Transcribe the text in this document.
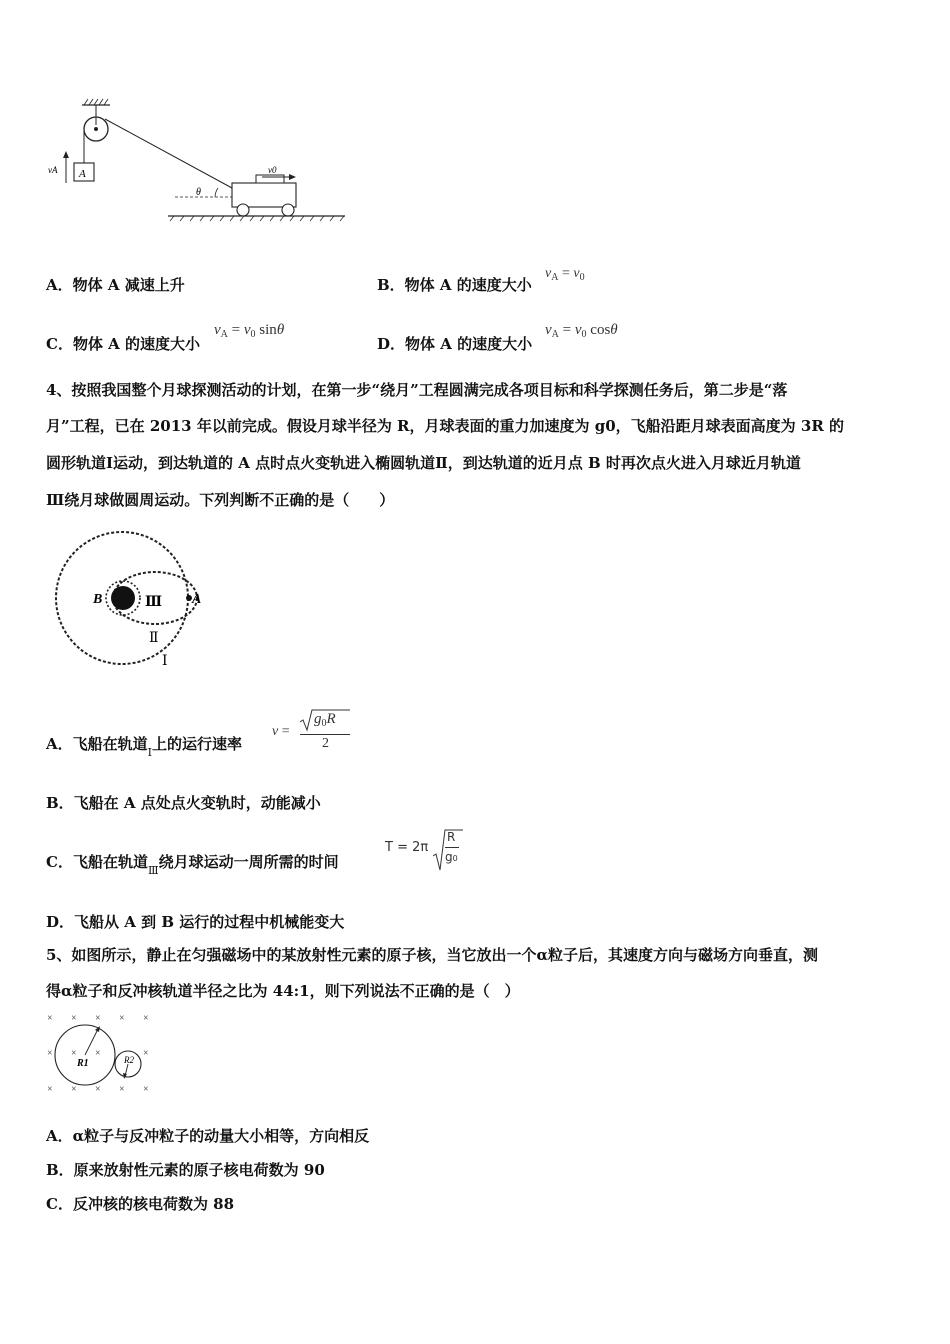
A
vA
θ
v0
A．物体 A 减速上升	B．物体 A 的速度大小
$v_A = v_0$
C．物体 A 的速度大小
$v_A = v_0$ sinθ
D．物体 A 的速度大小
$v_A = v_0$ cosθ
4、按照我国整个月球探测活动的计划，在第一步“绕月”工程圆满完成各项目标和科学探测任务后，第二步是“落
月”工程，已在 2013 年以前完成。假设月球半径为 R，月球表面的重力加速度为 g0，飞船沿距月球表面高度为 3R 的
圆形轨道Ⅰ运动，到达轨道的 A 点时点火变轨进入椭圆轨道Ⅱ，到达轨道的近月点 B 时再次点火进入月球近月轨道
Ⅲ绕月球做圆周运动。下列判断不正确的是（　　）
B	A
Ⅲ
Ⅱ
Ⅰ
A．飞船在轨道$_Ⅰ$上的运行速率
v =
$g_0R$
2
B．飞船在 A 点处点火变轨时，动能减小
C．飞船在轨道$_Ⅲ$绕月球运动一周所需的时间
T = 2π
R
g0
D．飞船从 A 到 B 运行的过程中机械能变大
5、如图所示，静止在匀强磁场中的某放射性元素的原子核，当它放出一个α粒子后，其速度方向与磁场方向垂直，测
得α粒子和反冲核轨道半径之比为 44:1，则下列说法不正确的是（　）
× × × × ×
× × ×	×
× × × × ×
R1	R2
A．α粒子与反冲粒子的动量大小相等，方向相反
B．原来放射性元素的原子核电荷数为 90
C．反冲核的核电荷数为 88
